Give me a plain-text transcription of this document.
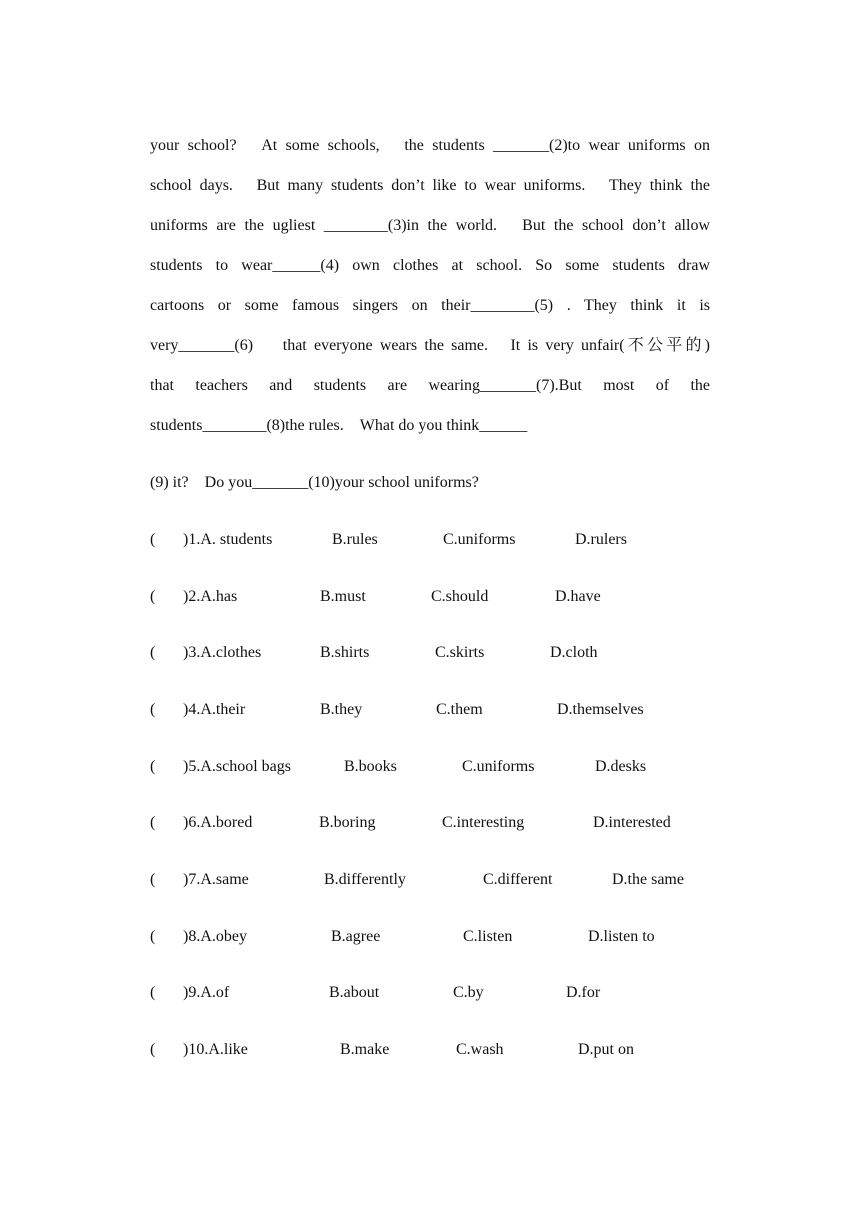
your school?　At some schools,　the students _______(2)to wear uniforms on
school days.　But many students don’t like to wear uniforms.　They think the
uniforms are the ugliest ________(3)in the world.　But the school don’t allow
students to wear______(4) own clothes at school. So some students draw
cartoons or some famous singers on their________(5) . They think it is
very_______(6)　 that everyone wears the same.　It is very unfair(不公平的)
that teachers and students are wearing_______(7).But most of the
students________(8)the rules.　What do you think______
(9) it?　Do you_______(10)your school uniforms?
( )1.A. students	B.rules	C.uniforms	D.rulers
( )2.A.has	B.must	C.should	D.have
( )3.A.clothes	B.shirts	C.skirts	D.cloth
( )4.A.their	B.they	C.them	D.themselves
( )5.A.school bags	B.books	C.uniforms	D.desks
( )6.A.bored	B.boring	C.interesting	D.interested
( )7.A.same	B.differently	C.different	D.the same
( )8.A.obey	B.agree	C.listen	D.listen to
( )9.A.of	B.about	C.by	D.for
( )10.A.like	B.make	C.wash	D.put on
